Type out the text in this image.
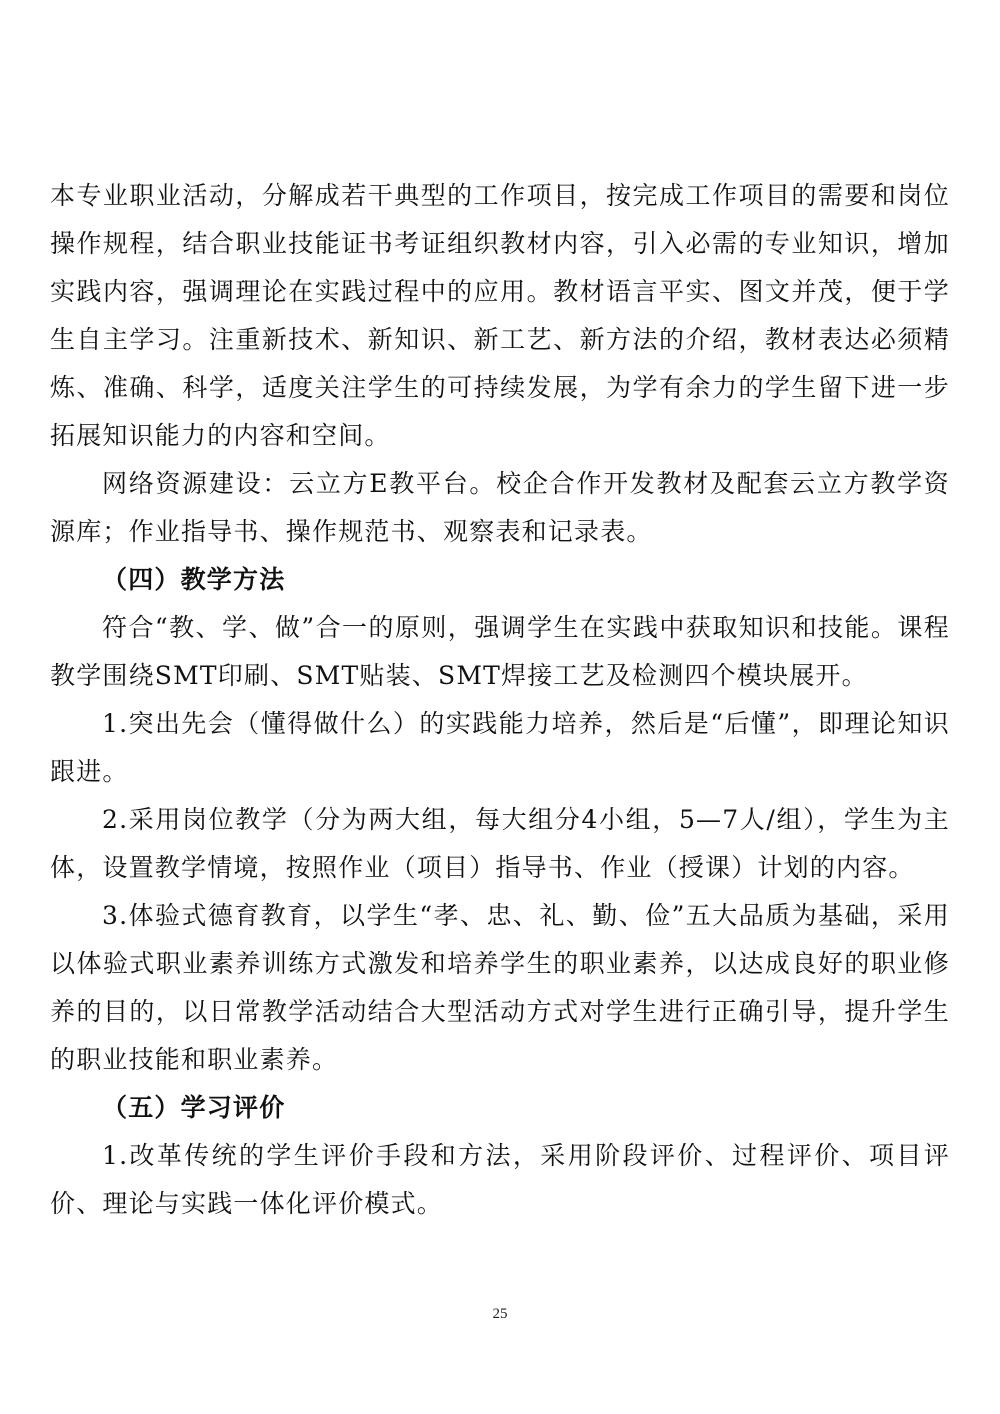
本专业职业活动，分解成若干典型的工作项目，按完成工作项目的需要和岗位操作规程，结合职业技能证书考证组织教材内容，引入必需的专业知识，增加实践内容，强调理论在实践过程中的应用。教材语言平实、图文并茂，便于学生自主学习。注重新技术、新知识、新工艺、新方法的介绍，教材表达必须精炼、准确、科学，适度关注学生的可持续发展，为学有余力的学生留下进一步拓展知识能力的内容和空间。

网络资源建设：云立方E教平台。校企合作开发教材及配套云立方教学资源库；作业指导书、操作规范书、观察表和记录表。

（四）教学方法

符合“教、学、做”合一的原则，强调学生在实践中获取知识和技能。课程教学围绕SMT印刷、SMT贴装、SMT焊接工艺及检测四个模块展开。

1.突出先会（懂得做什么）的实践能力培养，然后是“后懂”，即理论知识跟进。

2.采用岗位教学（分为两大组，每大组分4小组，5—7人/组），学生为主体，设置教学情境，按照作业（项目）指导书、作业（授课）计划的内容。

3.体验式德育教育，以学生“孝、忠、礼、勤、俭”五大品质为基础，采用以体验式职业素养训练方式激发和培养学生的职业素养，以达成良好的职业修养的目的，以日常教学活动结合大型活动方式对学生进行正确引导，提升学生的职业技能和职业素养。

（五）学习评价

1.改革传统的学生评价手段和方法，采用阶段评价、过程评价、项目评价、理论与实践一体化评价模式。

25
